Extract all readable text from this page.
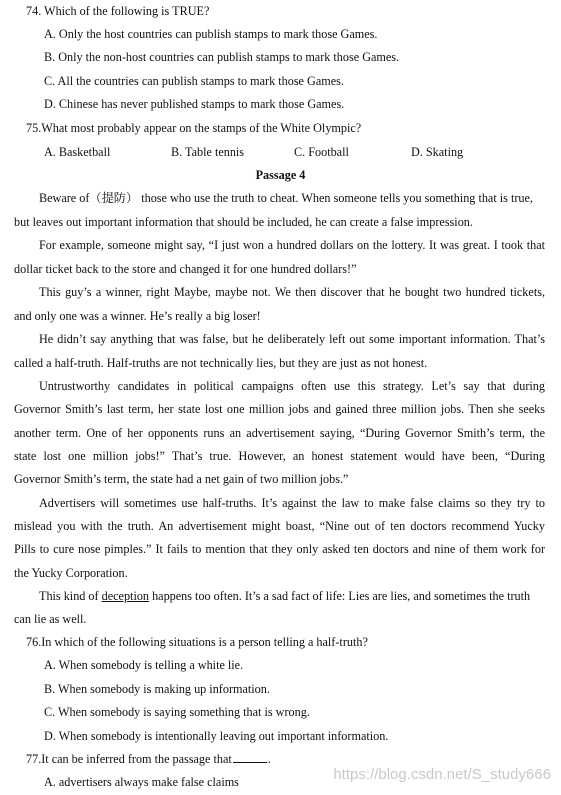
74. Which of the following is TRUE?
A. Only the host countries can publish stamps to mark those Games.
B. Only the non-host countries can publish stamps to mark those Games.
C. All the countries can publish stamps to mark those Games.
D. Chinese has never published stamps to mark those Games.
75.What most probably appear on the stamps of the White Olympic?
A. Basketball	B. Table tennis	C. Football	D. Skating
Passage 4
Beware of（提防） those who use the truth to cheat. When someone tells you something that is true,
but leaves out important information that should be included, he can create a false impression.
For example, someone might say, “I just won a hundred dollars on the lottery. It was great. I took that
dollar ticket back to the store and changed it for one hundred dollars!”
This guy’s a winner, right Maybe, maybe not. We then discover that he bought two hundred tickets,
and only one was a winner. He’s really a big loser!
He didn’t say anything that was false, but he deliberately left out some important information. That’s
called a half-truth. Half-truths are not technically lies, but they are just as not honest.
Untrustworthy candidates in political campaigns often use this strategy. Let’s say that during
Governor Smith’s last term, her state lost one million jobs and gained three million jobs. Then she seeks
another term. One of her opponents runs an advertisement saying, “During Governor Smith’s term, the
state lost one million jobs!” That’s true. However, an honest statement would have been, “During
Governor Smith’s term, the state had a net gain of two million jobs.”
Advertisers will sometimes use half-truths. It’s against the law to make false claims so they try to
mislead you with the truth. An advertisement might boast, “Nine out of ten doctors recommend Yucky
Pills to cure nose pimples.” It fails to mention that they only asked ten doctors and nine of them work for
the Yucky Corporation.
This kind of deception happens too often. It’s a sad fact of life: Lies are lies, and sometimes the truth
can lie as well.
76.In which of the following situations is a person telling a half-truth?
A. When somebody is telling a white lie.
B. When somebody is making up information.
C. When somebody is saying something that is wrong.
D. When somebody is intentionally leaving out important information.
77.It can be inferred from the passage that	.
A. advertisers always make false claims	https://blog.csdn.net/S_study666
